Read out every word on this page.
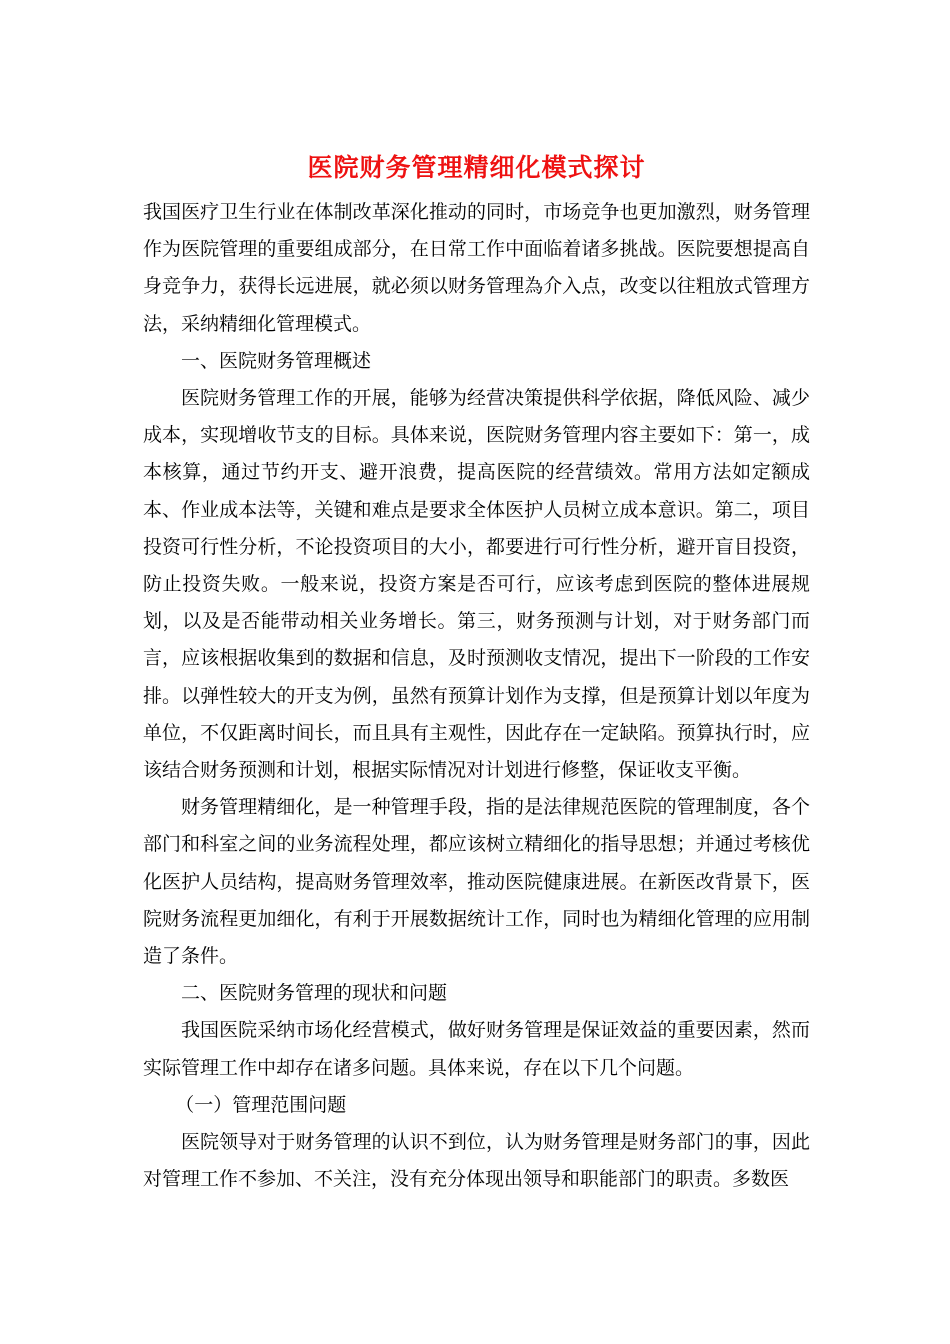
医院财务管理精细化模式探讨

我国医疗卫生行业在体制改革深化推动的同时，市场竞争也更加激烈，财务管理作为医院管理的重要组成部分，在日常工作中面临着诸多挑战。医院要想提高自身竞争力，获得长远进展，就必须以财务管理為介入点，改变以往粗放式管理方法，采纳精细化管理模式。

一、医院财务管理概述

医院财务管理工作的开展，能够为经营决策提供科学依据，降低风险、减少成本，实现增收节支的目标。具体来说，医院财务管理内容主要如下：第一，成本核算，通过节约开支、避开浪费，提高医院的经营绩效。常用方法如定额成本、作业成本法等，关键和难点是要求全体医护人员树立成本意识。第二，项目投资可行性分析，不论投资项目的大小，都要进行可行性分析，避开盲目投资，防止投资失败。一般来说，投资方案是否可行，应该考虑到医院的整体进展规划，以及是否能带动相关业务增长。第三，财务预测与计划，对于财务部门而言，应该根据收集到的数据和信息，及时预测收支情况，提出下一阶段的工作安排。以弹性较大的开支为例，虽然有预算计划作为支撑，但是预算计划以年度为单位，不仅距离时间长，而且具有主观性，因此存在一定缺陷。预算执行时，应该结合财务预测和计划，根据实际情况对计划进行修整，保证收支平衡。

财务管理精细化，是一种管理手段，指的是法律规范医院的管理制度，各个部门和科室之间的业务流程处理，都应该树立精细化的指导思想；并通过考核优化医护人员结构，提高财务管理效率，推动医院健康进展。在新医改背景下，医院财务流程更加细化，有利于开展数据统计工作，同时也为精细化管理的应用制造了条件。

二、医院财务管理的现状和问题

我国医院采纳市场化经营模式，做好财务管理是保证效益的重要因素，然而实际管理工作中却存在诸多问题。具体来说，存在以下几个问题。

（一）管理范围问题

医院领导对于财务管理的认识不到位，认为财务管理是财务部门的事，因此对管理工作不参加、不关注，没有充分体现出领导和职能部门的职责。多数医
